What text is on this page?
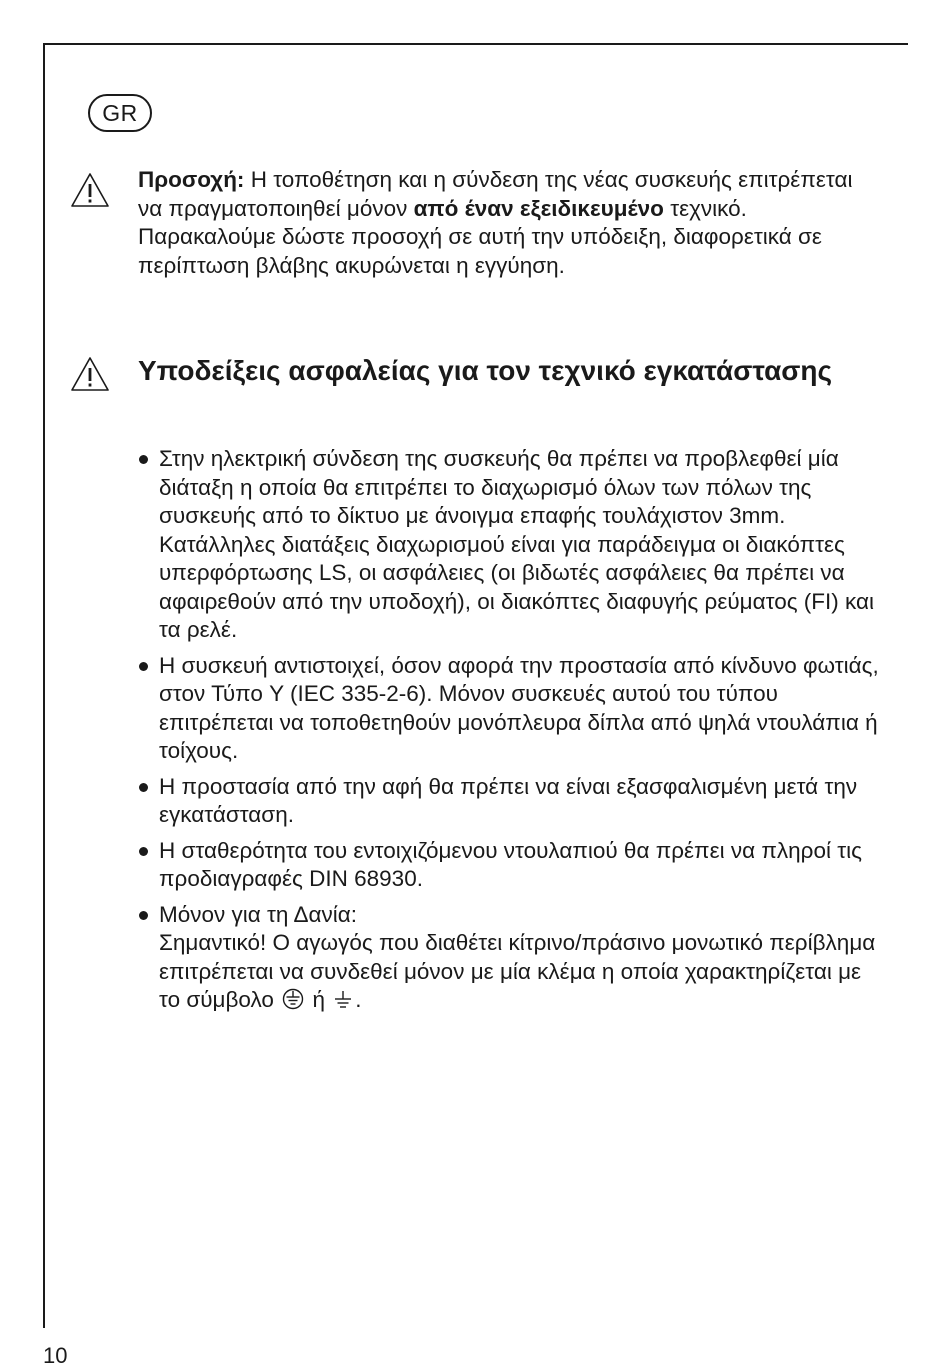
GR

Προσοχή: Η τοποθέτηση και η σύνδεση της νέας συσκευής επιτρέπεται να πραγματοποιηθεί μόνον από έναν εξειδικευμένο τεχνικό.

Παρακαλούμε δώστε προσοχή σε αυτή την υπόδειξη, διαφορετικά σε περίπτωση βλάβης ακυρώνεται η εγγύηση.

Υποδείξεις ασφαλείας για τον τεχνικό εγκατάστασης
Στην ηλεκτρική σύνδεση της συσκευής θα πρέπει να προβλεφθεί μία διάταξη η οποία θα επιτρέπει το διαχωρισμό όλων των πόλων της συσκευής από το δίκτυο με άνοιγμα επαφής τουλάχιστον 3mm. Κατάλληλες διατάξεις διαχωρισμού είναι για παράδειγμα οι διακόπτες υπερφόρτωσης LS, οι ασφάλειες (οι βιδωτές ασφάλειες θα πρέπει να αφαιρεθούν από την υποδοχή), οι διακόπτες διαφυγής ρεύματος (FI) και τα ρελέ.
Η συσκευή αντιστοιχεί, όσον αφορά την προστασία από κίνδυνο φωτιάς, στον Τύπο Y (IEC 335-2-6). Μόνον συσκευές αυτού του τύπου επιτρέπεται να τοποθετηθούν μονόπλευρα δίπλα από ψηλά ντουλάπια ή τοίχους.
Η προστασία από την αφή θα πρέπει να είναι εξασφαλισμένη μετά την εγκατάσταση.
Η σταθερότητα του εντοιχιζόμενου ντουλαπιού θα πρέπει να πληροί τις προδιαγραφές DIN 68930.
Μόνον για τη Δανία:
Σημαντικό! Ο αγωγός που διαθέτει κίτρινο/πράσινο μονωτικό περίβλημα επιτρέπεται να συνδεθεί μόνον με μία κλέμα η οποία χαρακτηρίζεται με το σύμβολο ή .
10
